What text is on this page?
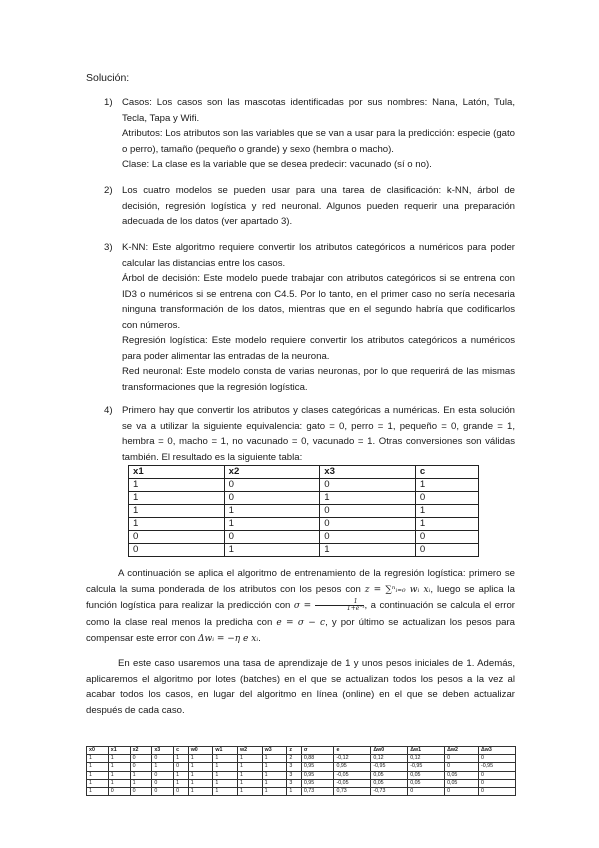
Solución:
1) Casos: Los casos son las mascotas identificadas por sus nombres: Nana, Latón, Tula, Tecla, Tapa y Wifi.

Atributos: Los atributos son las variables que se van a usar para la predicción: especie (gato o perro), tamaño (pequeño o grande) y sexo (hembra o macho).

Clase: La clase es la variable que se desea predecir: vacunado (sí o no).

2) Los cuatro modelos se pueden usar para una tarea de clasificación: k-NN, árbol de decisión, regresión logística y red neuronal. Algunos pueden requerir una preparación adecuada de los datos (ver apartado 3).

3) K-NN: Este algoritmo requiere convertir los atributos categóricos a numéricos para poder calcular las distancias entre los casos.

Árbol de decisión: Este modelo puede trabajar con atributos categóricos si se entrena con ID3 o numéricos si se entrena con C4.5. Por lo tanto, en el primer caso no sería necesaria ninguna transformación de los datos, mientras que en el segundo habría que codificarlos con números.

Regresión logística: Este modelo requiere convertir los atributos categóricos a numéricos para poder alimentar las entradas de la neurona.

Red neuronal: Este modelo consta de varias neuronas, por lo que requerirá de las mismas transformaciones que la regresión logística.

4) Primero hay que convertir los atributos y clases categóricas a numéricas. En esta solución se va a utilizar la siguiente equivalencia: gato = 0, perro = 1, pequeño = 0, grande = 1, hembra = 0, macho = 1, no vacunado = 0, vacunado = 1. Otras conversiones son válidas también. El resultado es la siguiente tabla:

x1	x2	x3	c
1	0	0	1
1	0	1	0
1	1	0	1
1	1	0	1
0	0	0	0
0	1	1	0

A continuación se aplica el algoritmo de entrenamiento de la regresión logística: primero se calcula la suma ponderada de los atributos con los pesos con z = ∑ⁿᵢ₌₀ wᵢ xᵢ, luego se aplica la función logística para realizar la predicción con $\sigma = \frac{1}{\text{1+e⁻ᶻ}}$ , a continuación se calcula el error como la clase real menos la predicha con e = σ − c, y por último se actualizan los pesos para compensar este error con Δwᵢ = −η e xᵢ.

En este caso usaremos una tasa de aprendizaje de 1 y unos pesos iniciales de 1. Además, aplicaremos el algoritmo por lotes (batches) en el que se actualizan todos los pesos a la vez al acabar todos los casos, en lugar del algoritmo en línea (online) en el que se deben actualizar después de cada caso.

x0	x1	x2	x3	c	w0	w1	w2	w3	z	σ	e	Δw0	Δw1	Δw2	Δw3
1	1	0	0	1	1	1	1	1	2	0,88	-0,12	0,12	0,12	0	0
1	1	0	1	0	1	1	1	1	3	0,95	0,95	-0,95	-0,95	0	-0,95
1	1	1	0	1	1	1	1	1	3	0,95	-0,05	0,05	0,05	0,05	0
1	1	1	0	1	1	1	1	1	3	0,95	-0,05	0,05	0,05	0,05	0
1	0	0	0	0	1	1	1	1	1	0,73	0,73	-0,73	0	0	0
